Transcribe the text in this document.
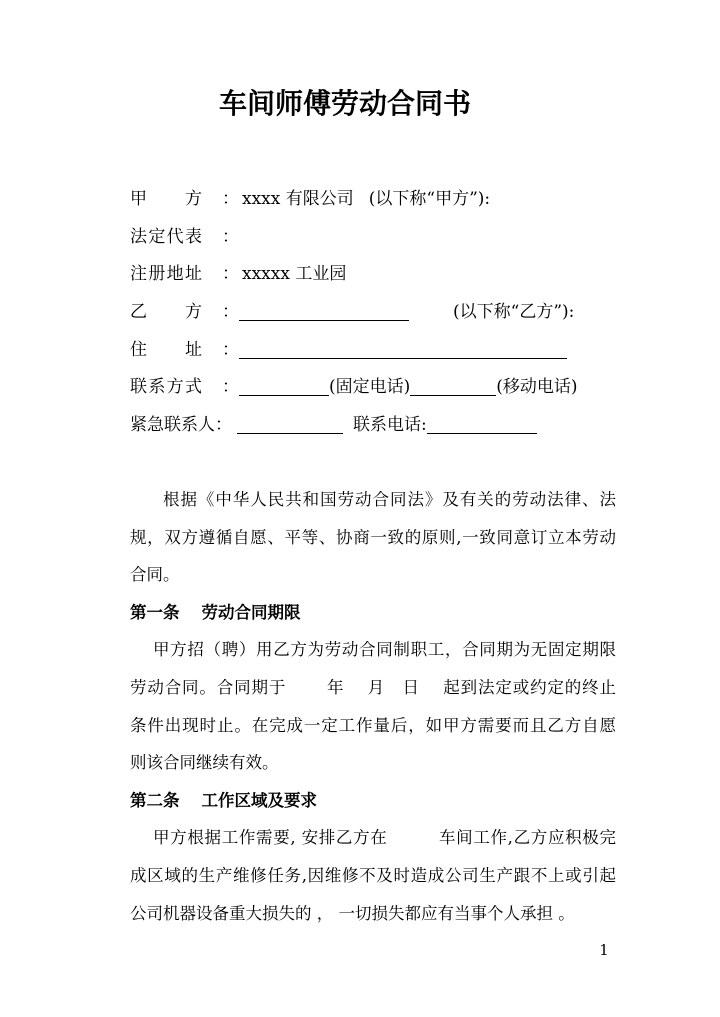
车间师傅劳动合同书
甲 方 ： xxxx 有限公司 (以下称“甲方”):
法定代表 ：
注册地址 ： xxxxx 工业园
乙 方 ：	(以下称“乙方”):
住 址 ：
联系方式 ：	(固定电话)	(移动电话)
紧急联系人：	联系电话:
根据《中华人民共和国劳动合同法》及有关的劳动法律、法
规，双方遵循自愿、平等、协商一致的原则,一致同意订立本劳动
合同。
第一条 劳动合同期限
甲方招（聘）用乙方为劳动合同制职工，合同期为无固定期限
劳动合同。合同期于　　 年　 月　日 　起到法定或约定的终止
条件出现时止。在完成一定工作量后，如甲方需要而且乙方自愿
则该合同继续有效。
第二条 工作区域及要求
甲方根据工作需要, 安排乙方在　　　车间工作,乙方应积极完
成区域的生产维修任务,因维修不及时造成公司生产跟不上或引起
公司机器设备重大损失的 ， 一切损失都应有当事个人承担 。
1
